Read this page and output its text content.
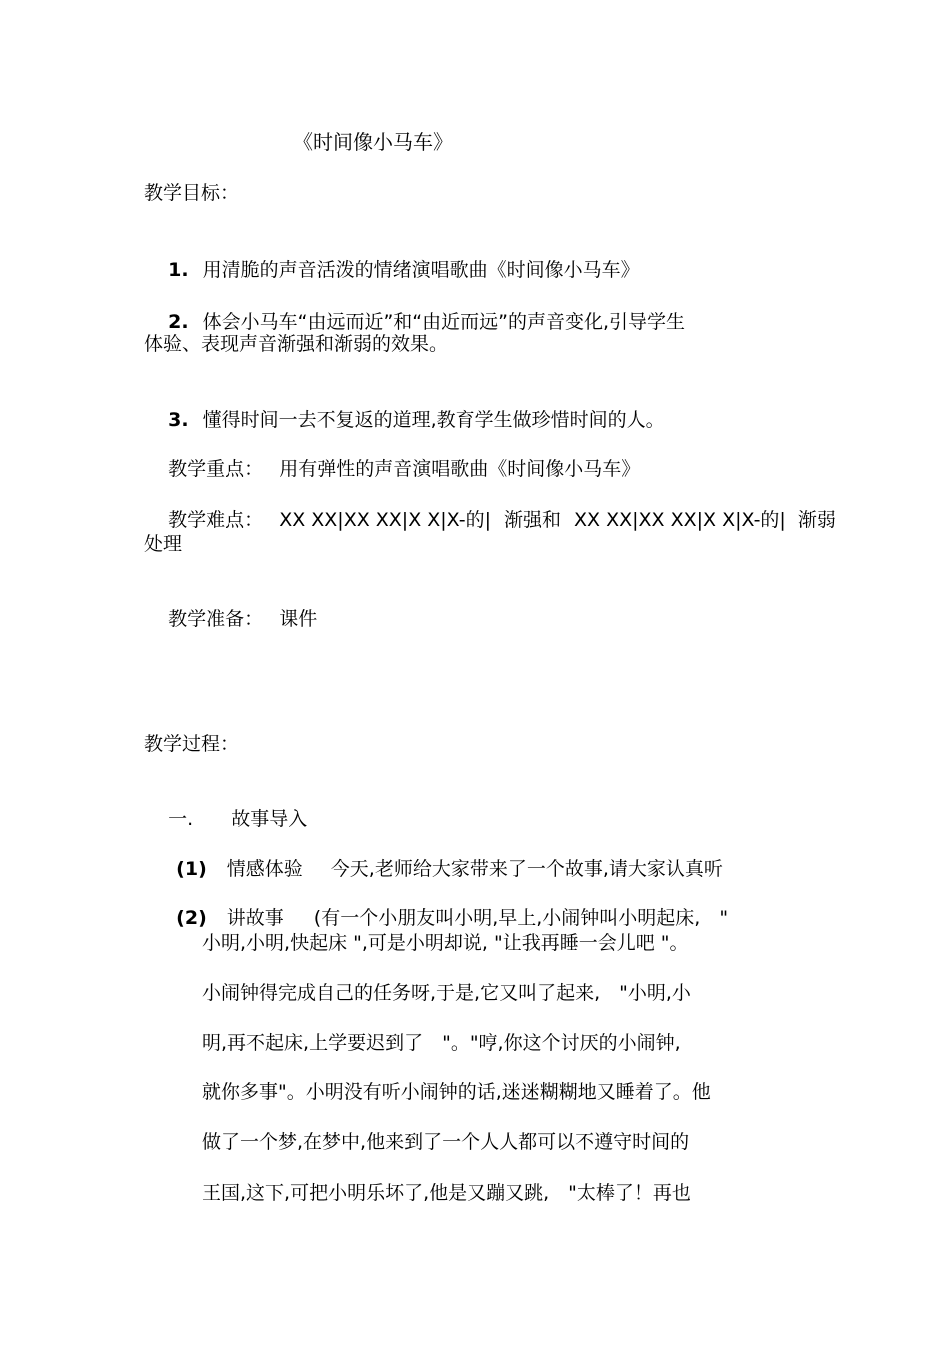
《时间像小马车》
教学目标：

1. 用清脆的声音活泼的情绪演唱歌曲《时间像小马车》

2. 体会小马车“由远而近”和“由近而远”的声音变化,引导学生

体验、表现声音渐强和渐弱的效果。

3. 懂得时间一去不复返的道理,教育学生做珍惜时间的人。

教学重点： 用有弹性的声音演唱歌曲《时间像小马车》

教学难点： XX XX|XX XX|X X|X-的| 渐强和 XX XX|XX XX|X X|X-的| 渐弱

处理

教学准备： 课件

教学过程：

一. 故事导入

(1) 情感体验 今天,老师给大家带来了一个故事,请大家认真听

(2) 讲故事 (有一个小朋友叫小明,早上,小闹钟叫小明起床,　"

小明,小明,快起床 ",可是小明却说, "让我再睡一会儿吧 "。
小闹钟得完成自己的任务呀,于是,它又叫了起来,　"小明,小
明,再不起床,上学要迟到了　"。"哼,你这个讨厌的小闹钟,
就你多事"。小明没有听小闹钟的话,迷迷糊糊地又睡着了。他
做了一个梦,在梦中,他来到了一个人人都可以不遵守时间的
王国,这下,可把小明乐坏了,他是又蹦又跳,　"太棒了！再也
